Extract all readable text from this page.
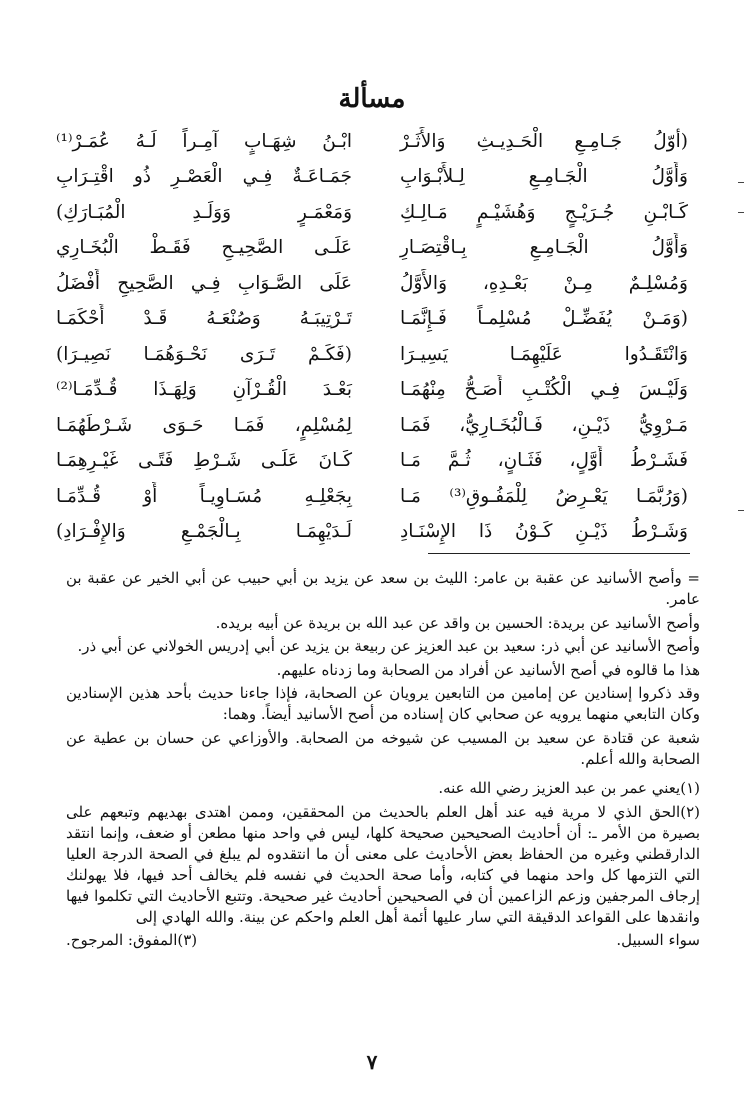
مسألة
(أوّلُ جَـامِـعِ الْحَـدِيـثِ وَالأَثَـرْ
ابْـنُ شِهَـابٍ آمِـراً لَـهُ عُمَـرْ⁽¹⁾
وَأَوَّلُ الْجَـامِـعِ لِـلأَبْـوَابِ
جَمَـاعَـةٌ فِـي الْعَصْـرِ ذُو اقْتِـرَابِ
كَـابْـنِ جُـرَيْـجٍ وَهُشَيْـمٍ مَـالِـكِ
وَمَعْمَـرٍ وَوَلَـدِ الْمُبَـارَكِ)
وَأَوَّلُ الْجَـامِـعِ بِـاقْتِصَـارِ
عَلَـى الصَّحِيـحِ فَقَـطْ الْبُخَـارِي
وَمُسْلِـمٌ مِـنْ بَعْـدِهِ، وَالأَوَّلُ
عَلَى الصَّـوَابِ فِـي الصَّحِيحِ أَفْضَلُ
(وَمَـنْ يُفَضِّـلْ مُسْلِمـاً فَـإِنَّمَـا
تَـرْتِيبَـهُ وَصُنْعَـهُ قَـدْ أَحْكَمَـا
وَانْتَقَـدُوا عَلَيْهِمَـا يَسِيـرَا
(فَكَـمْ تَـرَى نَحْـوَهُمَـا نَصِيـرَا)
وَلَيْـسَ فِـي الْكُتْـبِ أَصَـحُّ مِنْهُمَـا
بَعْـدَ الْقُـرْآنِ وَلِهَـذَا قُـدِّمَـا⁽²⁾
مَـرْوِيُّ ذَيْـنِ، فَـالْبُخَـارِيُّ، فَمَـا
لِمُسْلِمٍ، فَمَـا حَـوَى شَـرْطَهُمَـا
فَشَـرْطُ أَوَّلٍ، فَثَـانٍ، ثُـمَّ مَـا
كَـانَ عَلَـى شَـرْطِ فَتًـى غَيْـرِهِمَـا
(وَرُبَّمَـا يَعْـرِضُ لِلْمَفُـوقِ⁽³⁾ مَـا
بِجَعْلِـهِ مُسَـاوِيـاً أَوْ قُـدِّمَـا
وَشَـرْطُ ذَيْـنِ كَـوْنُ ذَا الإِسْنَـادِ
لَـدَيْهِمَـا بِـالْجَمْـعِ وَالإِفْـرَادِ)

= وأصح الأسانيد عن عقبة بن عامر: الليث بن سعد عن يزيد بن أبي حبيب عن أبي الخير عن عقبة بن عامر.

وأصح الأسانيد عن بريدة: الحسين بن واقد عن عبد الله بن بريدة عن أبيه بريده.

وأصح الأسانيد عن أبي ذر: سعيد بن عبد العزيز عن ربيعة بن يزيد عن أبي إدريس الخولاني عن أبي ذر.

هذا ما قالوه في أصح الأسانيد عن أفراد من الصحابة وما زدناه عليهم.

وقد ذكروا إسنادين عن إمامين من التابعين يرويان عن الصحابة، فإذا جاءنا حديث بأحد هذين الإسنادين وكان التابعي منهما يرويه عن صحابي كان إسناده من أصح الأسانيد أيضاً. وهما:

شعبة عن قتادة عن سعيد بن المسيب عن شيوخه من الصحابة. والأوزاعي عن حسان بن عطية عن الصحابة والله أعلم.

(١)يعني عمر بن عبد العزيز رضي الله عنه.

(٢)الحق الذي لا مرية فيه عند أهل العلم بالحديث من المحققين، وممن اهتدى بهديهم وتبعهم على بصيرة من الأمر ـ: أن أحاديث الصحيحين صحيحة كلها، ليس في واحد منها مطعن أو ضعف، وإنما انتقد الدارقطني وغيره من الحفاظ بعض الأحاديث على معنى أن ما انتقدوه لم يبلغ في الصحة الدرجة العليا التي التزمها كل واحد منهما في كتابه، وأما صحة الحديث في نفسه فلم يخالف أحد فيها، فلا يهولنك إرجاف المرجفين وزعم الزاعمين أن في الصحيحين أحاديث غير صحيحة. وتتبع الأحاديث التي تكلموا فيها وانقدها على القواعد الدقيقة التي سار عليها أئمة أهل العلم واحكم عن بينة. والله الهادي إلى

سواء السبيل.
(٣)المفوق: المرجوح.
٧
